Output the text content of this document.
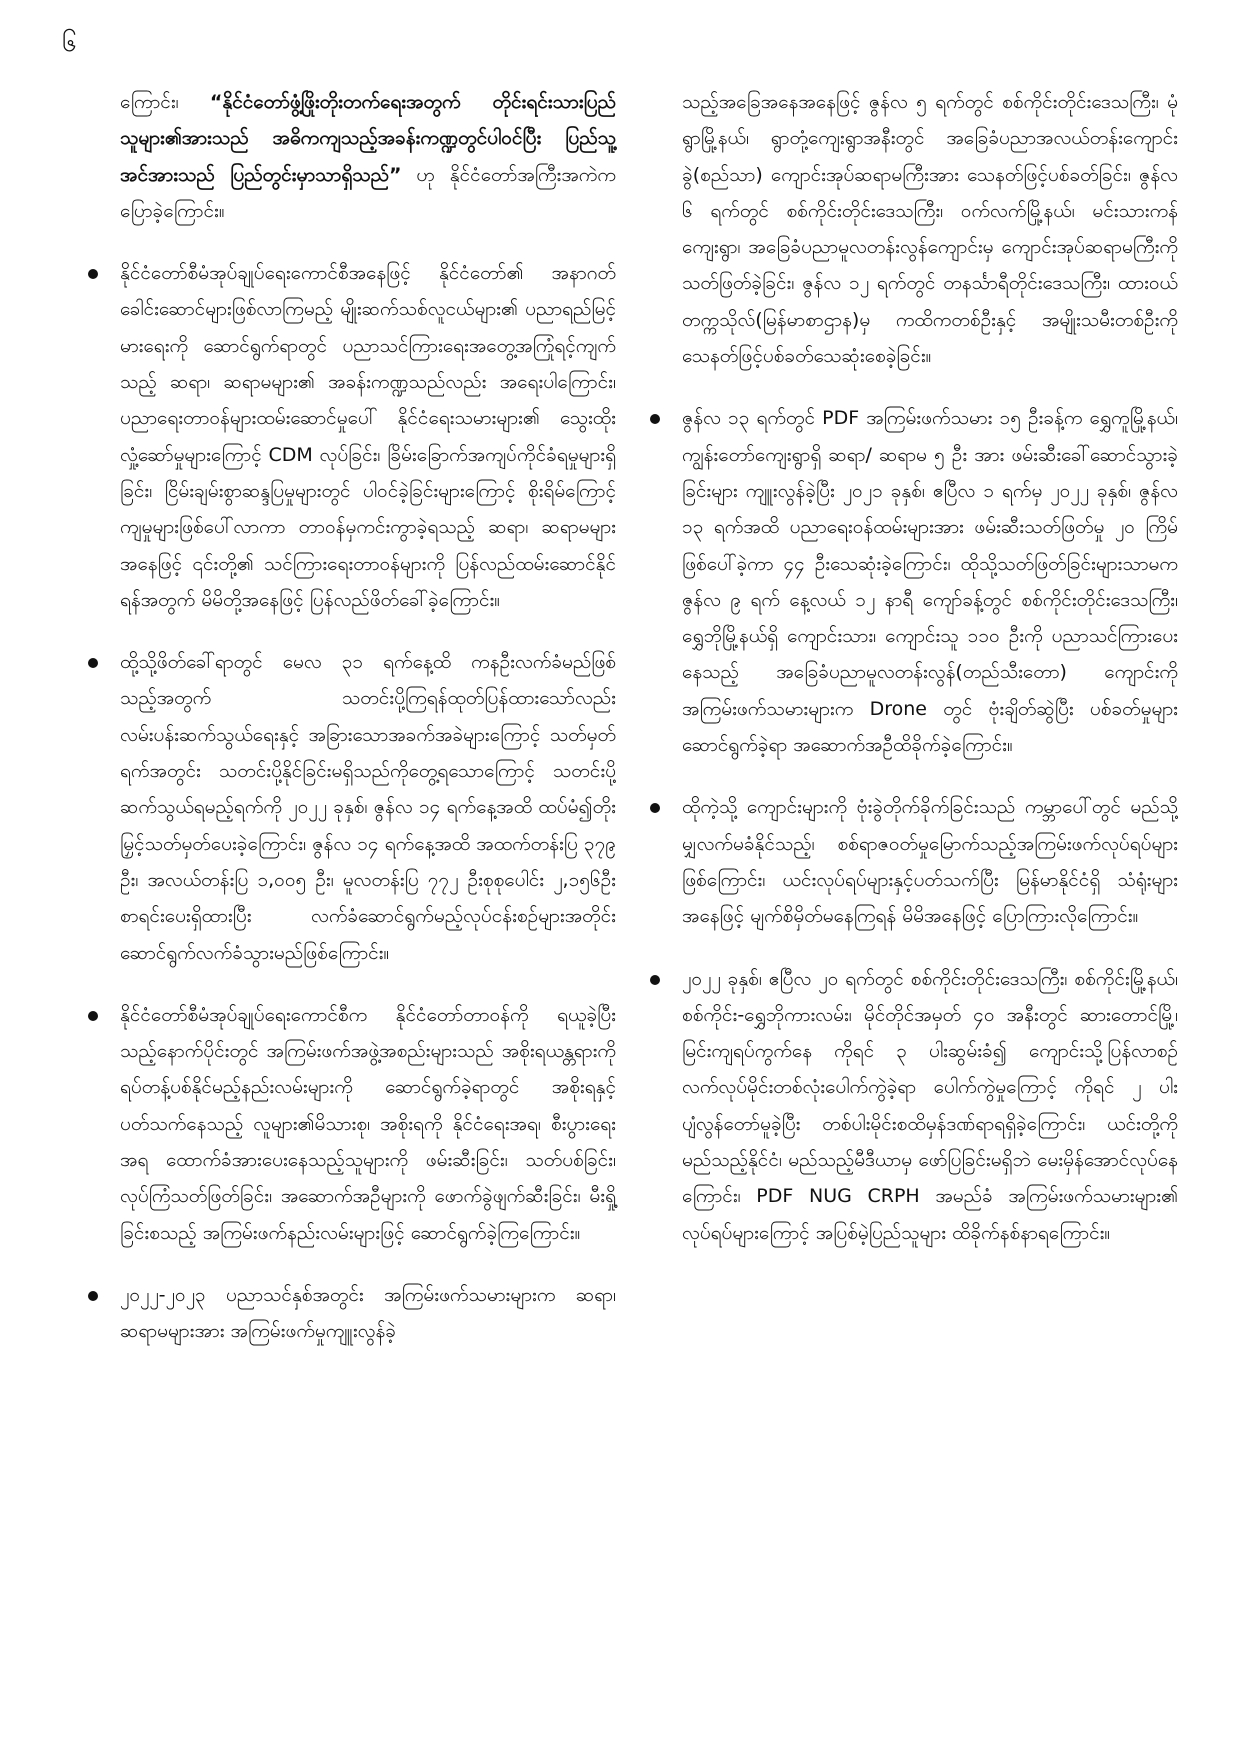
၆

ကြောင်း၊ “နိုင်ငံတော်ဖွံ့ဖြိုးတိုးတက်ရေးအတွက် တိုင်းရင်းသားပြည်သူများ၏အားသည် အဓိကကျသည့်အခန်းကဏ္ဍတွင်ပါဝင်ပြီး ပြည်သူ့အင်အားသည် ပြည်တွင်းမှာသာရှိသည်” ဟု နိုင်ငံတော်အကြီးအကဲက ပြောခဲ့ကြောင်း။

နိုင်ငံတော်စီမံအုပ်ချုပ်ရေးကောင်စီအနေဖြင့် နိုင်ငံတော်၏ အနာဂတ်ခေါင်းဆောင်များဖြစ်လာကြမည့် မျိုးဆက်သစ်လူငယ်များ၏ ပညာရည်မြင့်မားရေးကို ဆောင်ရွက်ရာတွင် ပညာသင်ကြားရေးအတွေ့အကြုံရင့်ကျက်သည့် ဆရာ၊ ဆရာမများ၏ အခန်းကဏ္ဍသည်လည်း အရေးပါကြောင်း၊ ပညာရေးတာဝန်များထမ်းဆောင်မှုပေါ် နိုင်ငံရေးသမားများ၏ သွေးထိုးလှုံ့ဆော်မှုများကြောင့် CDM လုပ်ခြင်း၊ ခြိမ်းခြောက်အကျပ်ကိုင်ခံရမှုများရှိခြင်း၊ ငြိမ်းချမ်းစွာဆန္ဒပြမှုများတွင် ပါဝင်ခဲ့ခြင်းများကြောင့် စိုးရိမ်ကြောင့်ကျမှုများဖြစ်ပေါ်လာကာ တာဝန်မှကင်းကွာခဲ့ရသည့် ဆရာ၊ ဆရာမများအနေဖြင့် ၎င်းတို့၏ သင်ကြားရေးတာဝန်များကို ပြန်လည်ထမ်းဆောင်နိုင်ရန်အတွက် မိမိတို့အနေဖြင့် ပြန်လည်ဖိတ်ခေါ်ခဲ့ကြောင်း။

ထို့သို့ဖိတ်ခေါ်ရာတွင် မေလ ၃၁ ရက်နေ့ထိ ကနဦးလက်ခံမည်ဖြစ်သည့်အတွက် သတင်းပို့ကြရန်ထုတ်ပြန်ထားသော်လည်း လမ်းပန်းဆက်သွယ်ရေးနှင့် အခြားသောအခက်အခဲများကြောင့် သတ်မှတ်ရက်အတွင်း သတင်းပို့နိုင်ခြင်းမရှိသည်ကိုတွေ့ရသောကြောင့် သတင်းပို့ဆက်သွယ်ရမည့်ရက်ကို ၂၀၂၂ ခုနှစ်၊ ဇွန်လ ၁၄ ရက်နေ့အထိ ထပ်မံ၍တိုးမြှင့်သတ်မှတ်ပေးခဲ့ကြောင်း၊ ဇွန်လ ၁၄ ရက်နေ့အထိ အထက်တန်းပြ ၃၇၉ ဦး၊ အလယ်တန်းပြ ၁,၀၀၅ ဦး၊ မူလတန်းပြ ၇၇၂ ဦးစုစုပေါင်း ၂,၁၅၆ဦး စာရင်းပေးရှိထားပြီး လက်ခံဆောင်ရွက်မည့်လုပ်ငန်းစဉ်များအတိုင်း ဆောင်ရွက်လက်ခံသွားမည်ဖြစ်ကြောင်း။

နိုင်ငံတော်စီမံအုပ်ချုပ်ရေးကောင်စီက နိုင်ငံတော်တာဝန်ကို ရယူခဲ့ပြီးသည့်နောက်ပိုင်းတွင် အကြမ်းဖက်အဖွဲ့အစည်းများသည် အစိုးရယန္တရားကို ရပ်တန့်ပစ်နိုင်မည့်နည်းလမ်းများကို ဆောင်ရွက်ခဲ့ရာတွင် အစိုးရနှင့်ပတ်သက်နေသည့် လူများ၏မိသားစု၊ အစိုးရကို နိုင်ငံရေးအရ၊ စီးပွားရေးအရ ထောက်ခံအားပေးနေသည့်သူများကို ဖမ်းဆီးခြင်း၊ သတ်ပစ်ခြင်း၊ လုပ်ကြံသတ်ဖြတ်ခြင်း၊ အဆောက်အဦများကို ဖောက်ခွဲဖျက်ဆီးခြင်း၊ မီးရှို့ခြင်းစသည့် အကြမ်းဖက်နည်းလမ်းများဖြင့် ဆောင်ရွက်ခဲ့ကြကြောင်း။

၂၀၂၂-၂၀၂၃ ပညာသင်နှစ်အတွင်း အကြမ်းဖက်သမားများက ဆရာ၊ ဆရာမများအား အကြမ်းဖက်မှုကျူးလွန်ခဲ့

သည့်အခြေအနေအနေဖြင့် ဇွန်လ ၅ ရက်တွင် စစ်ကိုင်းတိုင်းဒေသကြီး၊ မုံရွာမြို့နယ်၊ ရွာတုံ့ကျေးရွာအနီးတွင် အခြေခံပညာအလယ်တန်းကျောင်းခွဲ(စည်သာ) ကျောင်းအုပ်ဆရာမကြီးအား သေနတ်ဖြင့်ပစ်ခတ်ခြင်း၊ ဇွန်လ ၆ ရက်တွင် စစ်ကိုင်းတိုင်းဒေသကြီး၊ ဝက်လက်မြို့နယ်၊ မင်းသားကန်ကျေးရွာ၊ အခြေခံပညာမူလတန်းလွန်ကျောင်းမှ ကျောင်းအုပ်ဆရာမကြီးကို သတ်ဖြတ်ခဲ့ခြင်း၊ ဇွန်လ ၁၂ ရက်တွင် တနင်္သာရီတိုင်းဒေသကြီး၊ ထားဝယ်တက္ကသိုလ်(မြန်မာစာဌာန)မှ ကထိကတစ်ဦးနှင့် အမျိုးသမီးတစ်ဦးကို သေနတ်ဖြင့်ပစ်ခတ်သေဆုံးစေခဲ့ခြင်း။

ဇွန်လ ၁၃ ရက်တွင် PDF အကြမ်းဖက်သမား ၁၅ ဦးခန့်က ရွှေကူမြို့နယ်၊ ကျွန်းတော်ကျေးရွာရှိ ဆရာ/ ဆရာမ ၅ ဦး အား ဖမ်းဆီးခေါ်ဆောင်သွားခဲ့ခြင်းများ ကျူးလွန်ခဲ့ပြီး ၂၀၂၁ ခုနှစ်၊ ဧပြီလ ၁ ရက်မှ ၂၀၂၂ ခုနှစ်၊ ဇွန်လ ၁၃ ရက်အထိ ပညာရေးဝန်ထမ်းများအား ဖမ်းဆီးသတ်ဖြတ်မှု ၂၀ ကြိမ်ဖြစ်ပေါ်ခဲ့ကာ ၄၄ ဦးသေဆုံးခဲ့ကြောင်း၊ ထိုသို့သတ်ဖြတ်ခြင်းများသာမက ဇွန်လ ၉ ရက် နေ့လယ် ၁၂ နာရီ ကျော်ခန့်တွင် စစ်ကိုင်းတိုင်းဒေသကြီး၊ ရွှေဘိုမြို့နယ်ရှိ ကျောင်းသား၊ ကျောင်းသူ ၁၁၀ ဦးကို ပညာသင်ကြားပေးနေသည့် အခြေခံပညာမူလတန်းလွန်(တည်သီးတော) ကျောင်းကို အကြမ်းဖက်သမားများက Drone တွင် ဗုံးချိတ်ဆွဲပြီး ပစ်ခတ်မှုများဆောင်ရွက်ခဲ့ရာ အဆောက်အဦထိခိုက်ခဲ့ကြောင်း။

ထိုကဲ့သို့ ကျောင်းများကို ဗုံးခွဲတိုက်ခိုက်ခြင်းသည် ကမ္ဘာပေါ်တွင် မည်သို့မျှလက်မခံနိုင်သည့်၊ စစ်ရာဇဝတ်မှုမြောက်သည့်အကြမ်းဖက်လုပ်ရပ်များဖြစ်ကြောင်း၊ ယင်းလုပ်ရပ်များနှင့်ပတ်သက်ပြီး မြန်မာနိုင်ငံရှိ သံရုံးများအနေဖြင့် မျက်စိမှိတ်မနေကြရန် မိမိအနေဖြင့် ပြောကြားလိုကြောင်း။

၂၀၂၂ ခုနှစ်၊ ဧပြီလ ၂၀ ရက်တွင် စစ်ကိုင်းတိုင်းဒေသကြီး၊ စစ်ကိုင်းမြို့နယ်၊ စစ်ကိုင်း-ရွှေဘိုကားလမ်း၊ မိုင်တိုင်အမှတ် ၄၀ အနီးတွင် ဆားတောင်မြို့၊ မြင်းကျရပ်ကွက်နေ ကိုရင် ၃ ပါးဆွမ်းခံ၍ ကျောင်းသို့ပြန်လာစဉ် လက်လုပ်မိုင်းတစ်လုံးပေါက်ကွဲခဲ့ရာ ပေါက်ကွဲမှုကြောင့် ကိုရင် ၂ ပါး ပျံလွန်တော်မူခဲ့ပြီး တစ်ပါးမိုင်းစထိမှန်ဒဏ်ရာရရှိခဲ့ကြောင်း၊ ယင်းတို့ကို မည်သည့်နိုင်ငံ၊ မည်သည့်မီဒီယာမှ ဖော်ပြခြင်းမရှိဘဲ မေးမှိန်အောင်လုပ်နေကြောင်း၊ PDF NUG CRPH အမည်ခံ အကြမ်းဖက်သမားများ၏ လုပ်ရပ်များကြောင့် အပြစ်မဲ့ပြည်သူများ ထိခိုက်နစ်နာရကြောင်း။
